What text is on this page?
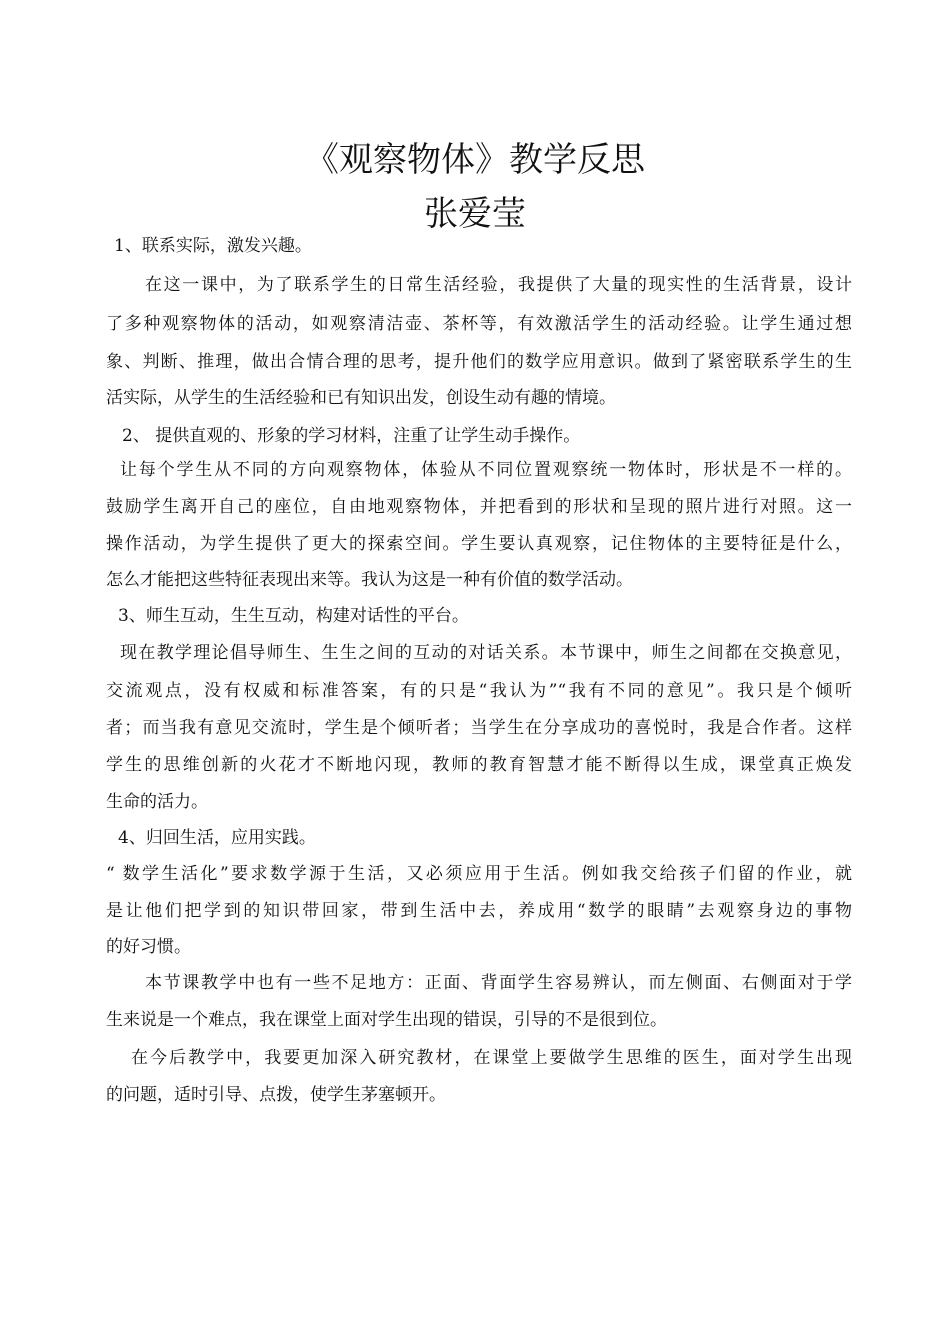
《观察物体》教学反思
张爱莹
1、联系实际，激发兴趣。
在这一课中，为了联系学生的日常生活经验，我提供了大量的现实性的生活背景，设计
了多种观察物体的活动，如观察清洁壶、茶杯等，有效激活学生的活动经验。让学生通过想
象、判断、推理，做出合情合理的思考，提升他们的数学应用意识。做到了紧密联系学生的生
活实际，从学生的生活经验和已有知识出发，创设生动有趣的情境。
2、 提供直观的、形象的学习材料，注重了让学生动手操作。
让每个学生从不同的方向观察物体，体验从不同位置观察统一物体时，形状是不一样的。
鼓励学生离开自己的座位，自由地观察物体，并把看到的形状和呈现的照片进行对照。这一
操作活动，为学生提供了更大的探索空间。学生要认真观察，记住物体的主要特征是什么，
怎么才能把这些特征表现出来等。我认为这是一种有价值的数学活动。
3、师生互动，生生互动，构建对话性的平台。
现在教学理论倡导师生、生生之间的互动的对话关系。本节课中，师生之间都在交换意见，
交流观点，没有权威和标准答案，有的只是“我认为”“我有不同的意见”。我只是个倾听
者；而当我有意见交流时，学生是个倾听者；当学生在分享成功的喜悦时，我是合作者。这样
学生的思维创新的火花才不断地闪现，教师的教育智慧才能不断得以生成，课堂真正焕发
生命的活力。
4、归回生活，应用实践。
“ 数学生活化”要求数学源于生活，又必须应用于生活。例如我交给孩子们留的作业，就
是让他们把学到的知识带回家，带到生活中去，养成用“数学的眼睛”去观察身边的事物
的好习惯。
本节课教学中也有一些不足地方：正面、背面学生容易辨认，而左侧面、右侧面对于学
生来说是一个难点，我在课堂上面对学生出现的错误，引导的不是很到位。
在今后教学中，我要更加深入研究教材，在课堂上要做学生思维的医生，面对学生出现
的问题，适时引导、点拨，使学生茅塞顿开。
